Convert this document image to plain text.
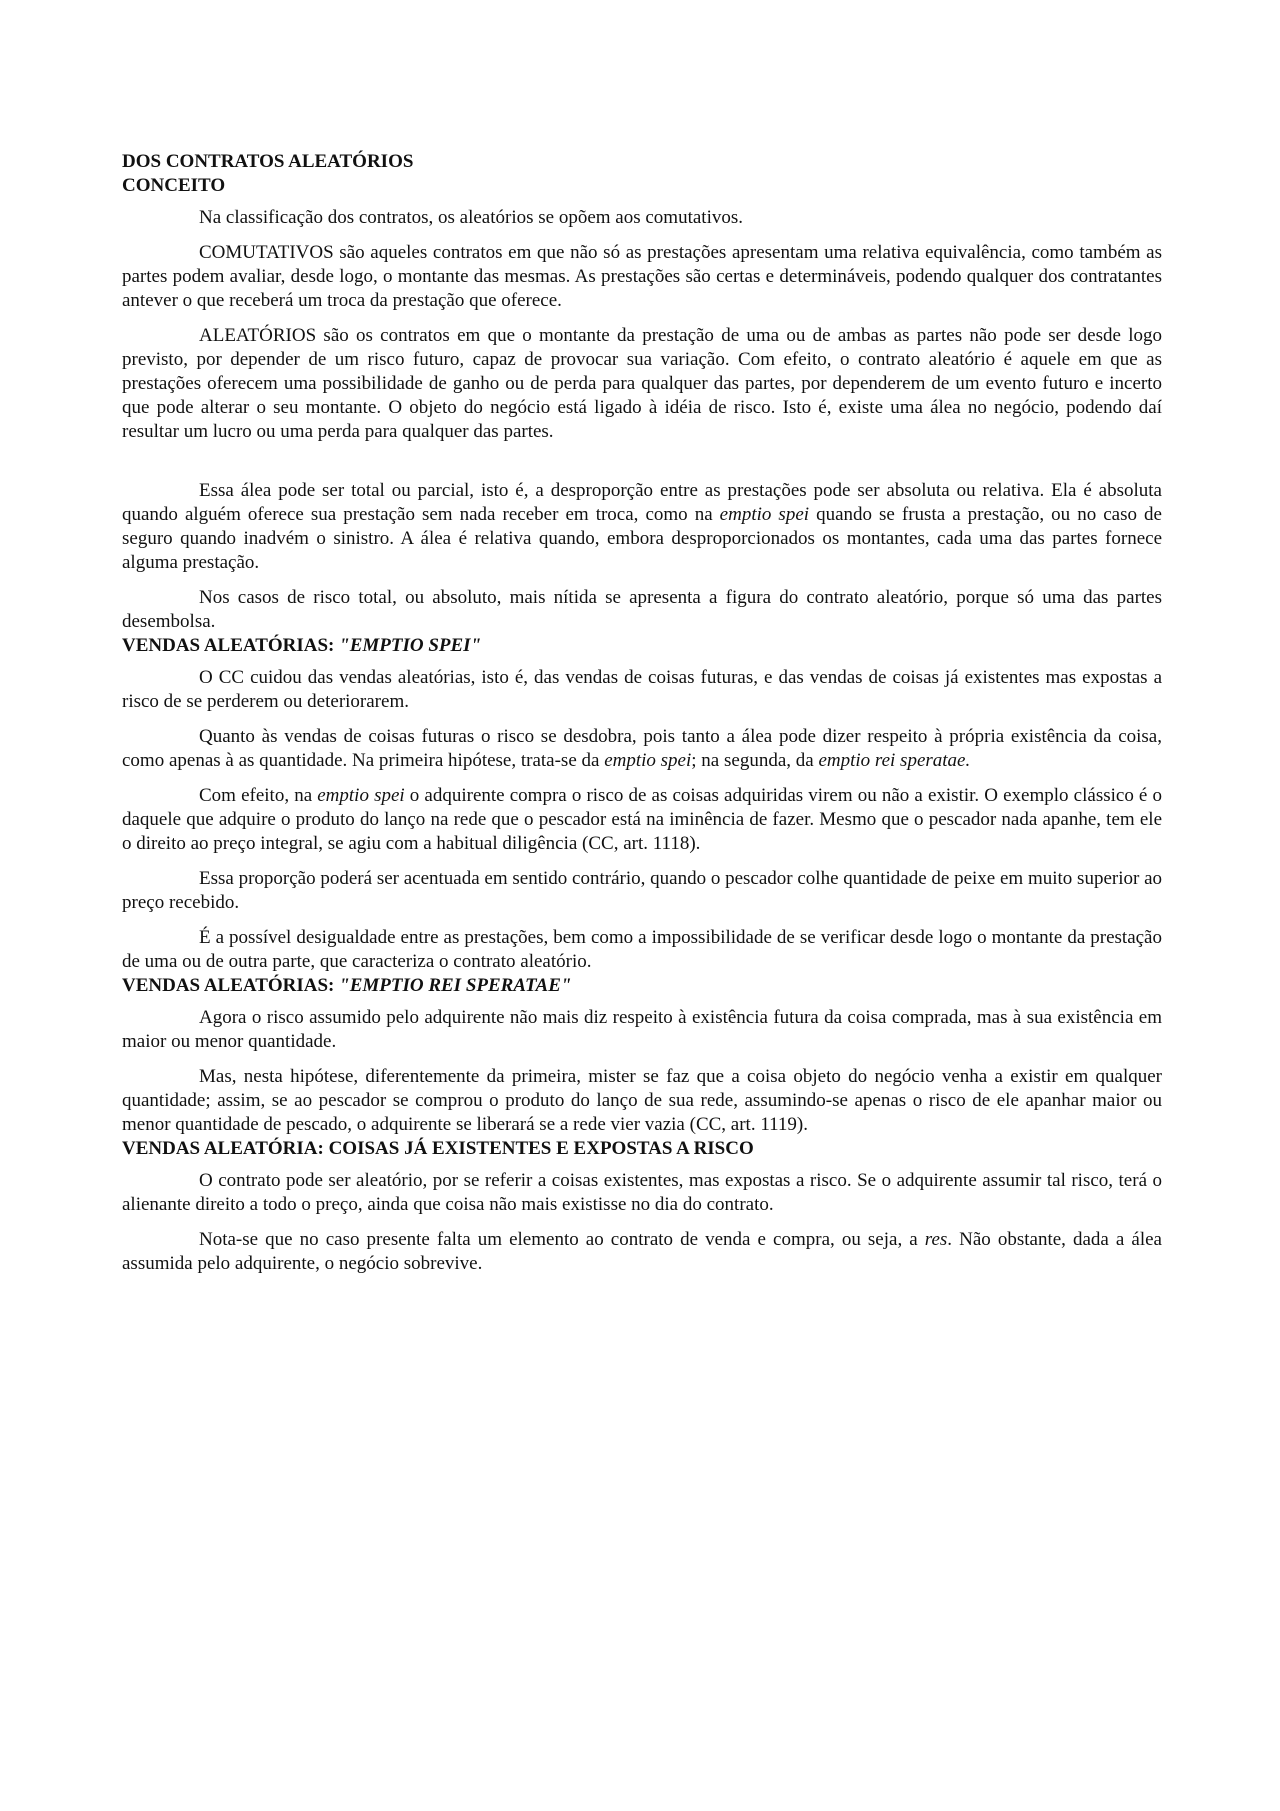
DOS CONTRATOS ALEATÓRIOS
CONCEITO

Na classificação dos contratos, os aleatórios se opõem aos comutativos.

COMUTATIVOS são aqueles contratos em que não só as prestações apresentam uma relativa equivalência, como também as partes podem avaliar, desde logo, o montante das mesmas. As prestações são certas e determináveis, podendo qualquer dos contratantes antever o que receberá um troca da prestação que oferece.

ALEATÓRIOS são os contratos em que o montante da prestação de uma ou de ambas as partes não pode ser desde logo previsto, por depender de um risco futuro, capaz de provocar sua variação. Com efeito, o contrato aleatório é aquele em que as prestações oferecem uma possibilidade de ganho ou de perda para qualquer das partes, por dependerem de um evento futuro e incerto que pode alterar o seu montante. O objeto do negócio está ligado à idéia de risco. Isto é, existe uma álea no negócio, podendo daí resultar um lucro ou uma perda para qualquer das partes.

Essa álea pode ser total ou parcial, isto é, a desproporção entre as prestações pode ser absoluta ou relativa. Ela é absoluta quando alguém oferece sua prestação sem nada receber em troca, como na emptio spei quando se frusta a prestação, ou no caso de seguro quando inadvém o sinistro. A álea é relativa quando, embora desproporcionados os montantes, cada uma das partes fornece alguma prestação.

Nos casos de risco total, ou absoluto, mais nítida se apresenta a figura do contrato aleatório, porque só uma das partes desembolsa.

VENDAS ALEATÓRIAS: "EMPTIO SPEI"

O CC cuidou das vendas aleatórias, isto é, das vendas de coisas futuras, e das vendas de coisas já existentes mas expostas a risco de se perderem ou deteriorarem.

Quanto às vendas de coisas futuras o risco se desdobra, pois tanto a álea pode dizer respeito à própria existência da coisa, como apenas à as quantidade. Na primeira hipótese, trata-se da emptio spei; na segunda, da emptio rei speratae.

Com efeito, na emptio spei o adquirente compra o risco de as coisas adquiridas virem ou não a existir. O exemplo clássico é o daquele que adquire o produto do lanço na rede que o pescador está na iminência de fazer. Mesmo que o pescador nada apanhe, tem ele o direito ao preço integral, se agiu com a habitual diligência (CC, art. 1118).

Essa proporção poderá ser acentuada em sentido contrário, quando o pescador colhe quantidade de peixe em muito superior ao preço recebido.

É a possível desigualdade entre as prestações, bem como a impossibilidade de se verificar desde logo o montante da prestação de uma ou de outra parte, que caracteriza o contrato aleatório.

VENDAS ALEATÓRIAS: "EMPTIO REI SPERATAE"

Agora o risco assumido pelo adquirente não mais diz respeito à existência futura da coisa comprada, mas à sua existência em maior ou menor quantidade.

Mas, nesta hipótese, diferentemente da primeira, mister se faz que a coisa objeto do negócio venha a existir em qualquer quantidade; assim, se ao pescador se comprou o produto do lanço de sua rede, assumindo-se apenas o risco de ele apanhar maior ou menor quantidade de pescado, o adquirente se liberará se a rede vier vazia (CC, art. 1119).

VENDAS ALEATÓRIA: COISAS JÁ EXISTENTES E EXPOSTAS A RISCO

O contrato pode ser aleatório, por se referir a coisas existentes, mas expostas a risco. Se o adquirente assumir tal risco, terá o alienante direito a todo o preço, ainda que coisa não mais existisse no dia do contrato.

Nota-se que no caso presente falta um elemento ao contrato de venda e compra, ou seja, a res. Não obstante, dada a álea assumida pelo adquirente, o negócio sobrevive.
